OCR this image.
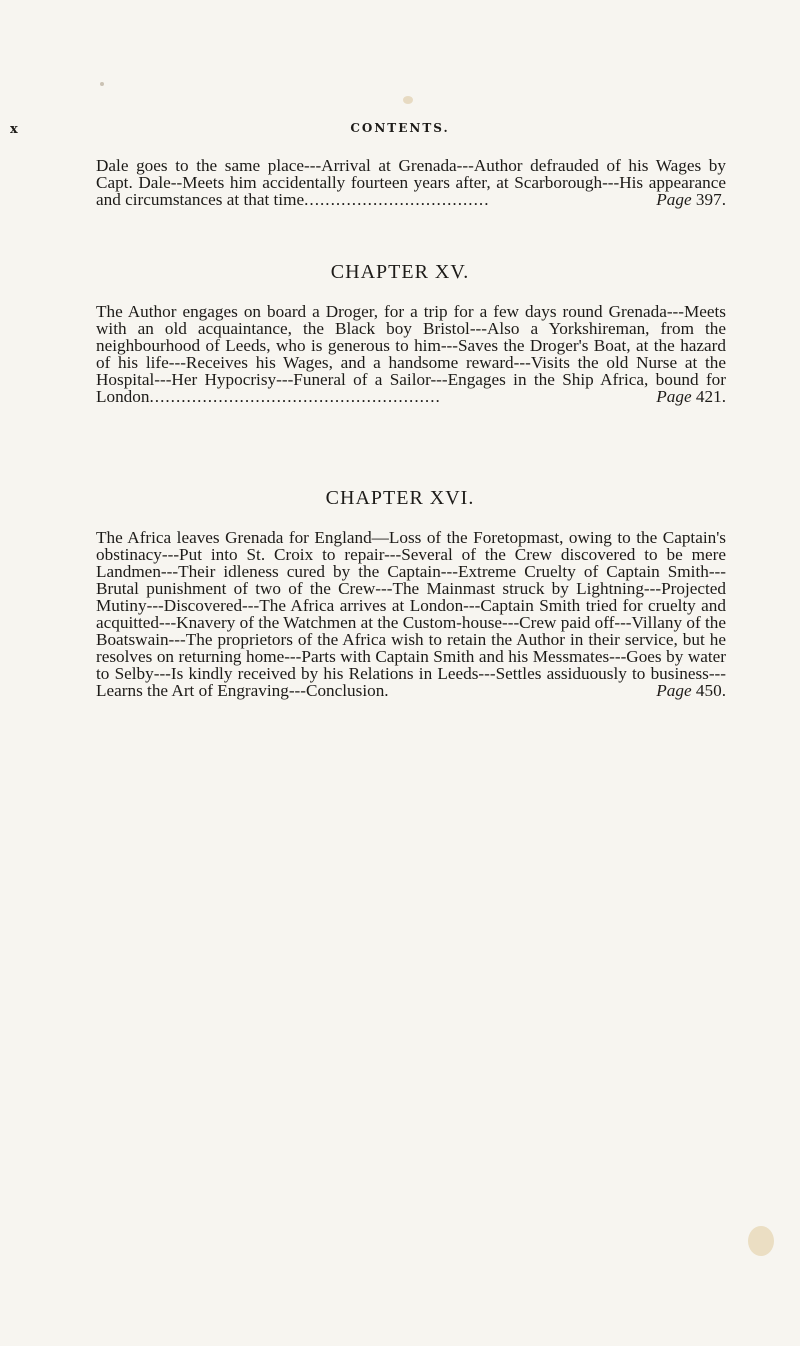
x	CONTENTS.
Dale goes to the same place---Arrival at Grenada---Author defrauded of his Wages by Capt. Dale--Meets him accidentally fourteen years after, at Scarborough---His appearance and circumstances at that time...................................	Page 397.
CHAPTER XV.
The Author engages on board a Droger, for a trip for a few days round Grenada---Meets with an old acquaintance, the Black boy Bristol---Also a Yorkshireman, from the neighbourhood of Leeds, who is generous to him---Saves the Droger's Boat, at the hazard of his life---Receives his Wages, and a handsome reward---Visits the old Nurse at the Hospital---Her Hypocrisy---Funeral of a Sailor---Engages in the Ship Africa, bound for London.......................................................	Page 421.
CHAPTER XVI.
The Africa leaves Grenada for England—Loss of the Foretopmast, owing to the Captain's obstinacy---Put into St. Croix to repair---Several of the Crew discovered to be mere Landmen---Their idleness cured by the Captain---Extreme Cruelty of Captain Smith---Brutal punishment of two of the Crew---The Mainmast struck by Lightning---Projected Mutiny---Discovered---The Africa arrives at London---Captain Smith tried for cruelty and acquitted---Knavery of the Watchmen at the Custom-house---Crew paid off---Villany of the Boatswain---The proprietors of the Africa wish to retain the Author in their service, but he resolves on returning home---Parts with Captain Smith and his Messmates---Goes by water to Selby---Is kindly received by his Relations in Leeds---Settles assiduously to business---Learns the Art of Engraving---Conclusion.	Page 450.
